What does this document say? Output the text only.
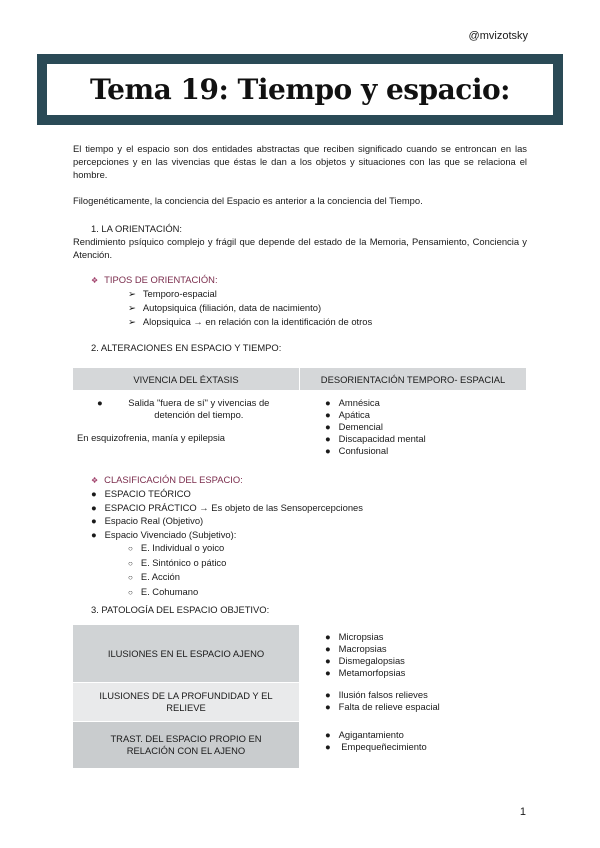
@mvizotsky
Tema 19: Tiempo y espacio:
El tiempo y el espacio son dos entidades abstractas que reciben significado cuando se entroncan en las percepciones y en las vivencias que éstas le dan a los objetos y situaciones con las que se relaciona el hombre.
Filogenéticamente, la conciencia del Espacio es anterior a la conciencia del Tiempo.
1. LA ORIENTACIÓN:
Rendimiento psíquico complejo y frágil que depende del estado de la Memoria, Pensamiento, Conciencia y Atención.
❖ TIPOS DE ORIENTACIÓN:
➢ Temporo-espacial
➢ Autopsiquica (filiación, data de nacimiento)
➢ Alopsiquica → en relación con la identificación de otros
2. ALTERACIONES EN ESPACIO Y TIEMPO:
VIVENCIA DEL ÉXTASIS	DESORIENTACIÓN TEMPORO- ESPACIAL
●	Salida "fuera de sí" y vivencias de detención del tiempo.
En esquizofrenia, manía y epilepsia
● Amnésica
● Apática
● Demencial
● Discapacidad mental
● Confusional
❖ CLASIFICACIÓN DEL ESPACIO:
● ESPACIO TEÓRICO
● ESPACIO PRÁCTICO → Es objeto de las Sensopercepciones
● Espacio Real (Objetivo)
● Espacio Vivenciado (Subjetivo):
○ E. Individual o yoico
○ E. Sintónico o pático
○ E. Acción
○ E. Cohumano
3. PATOLOGÍA DEL ESPACIO OBJETIVO:
ILUSIONES EN EL ESPACIO AJENO
● Micropsias
● Macropsias
● Dismegalopsias
● Metamorfopsias
ILUSIONES DE LA PROFUNDIDAD Y EL RELIEVE
● Ilusión falsos relieves
● Falta de relieve espacial
TRAST. DEL ESPACIO PROPIO EN RELACIÓN CON EL AJENO
● Agigantamiento
● Empequeñecimiento
1
